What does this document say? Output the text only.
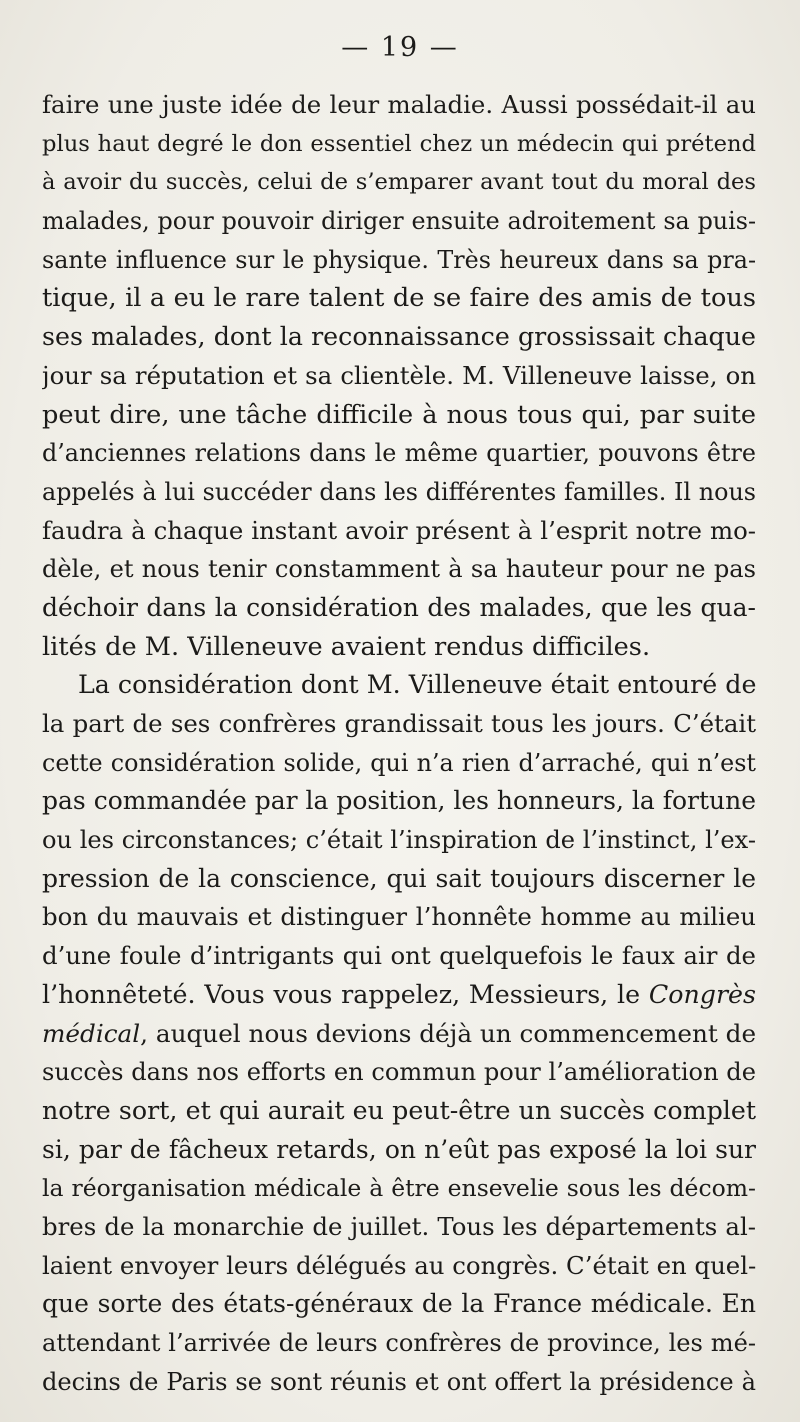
— 19 —
faire une juste idée de leur maladie. Aussi possédait-il au
plus haut degré le don essentiel chez un médecin qui prétend
à avoir du succès, celui de s’emparer avant tout du moral des
malades, pour pouvoir diriger ensuite adroitement sa puis-
sante influence sur le physique. Très heureux dans sa pra-
tique, il a eu le rare talent de se faire des amis de tous
ses malades, dont la reconnaissance grossissait chaque
jour sa réputation et sa clientèle. M. Villeneuve laisse, on
peut dire, une tâche difficile à nous tous qui, par suite
d’anciennes relations dans le même quartier, pouvons être
appelés à lui succéder dans les différentes familles. Il nous
faudra à chaque instant avoir présent à l’esprit notre mo-
dèle, et nous tenir constamment à sa hauteur pour ne pas
déchoir dans la considération des malades, que les qua-
lités de M. Villeneuve avaient rendus difficiles.
La considération dont M. Villeneuve était entouré de
la part de ses confrères grandissait tous les jours. C’était
cette considération solide, qui n’a rien d’arraché, qui n’est
pas commandée par la position, les honneurs, la fortune
ou les circonstances; c’était l’inspiration de l’instinct, l’ex-
pression de la conscience, qui sait toujours discerner le
bon du mauvais et distinguer l’honnête homme au milieu
d’une foule d’intrigants qui ont quelquefois le faux air de
l’honnêteté. Vous vous rappelez, Messieurs, le Congrès
médical, auquel nous devions déjà un commencement de
succès dans nos efforts en commun pour l’amélioration de
notre sort, et qui aurait eu peut-être un succès complet
si, par de fâcheux retards, on n’eût pas exposé la loi sur
la réorganisation médicale à être ensevelie sous les décom-
bres de la monarchie de juillet. Tous les départements al-
laient envoyer leurs délégués au congrès. C’était en quel-
que sorte des états-généraux de la France médicale. En
attendant l’arrivée de leurs confrères de province, les mé-
decins de Paris se sont réunis et ont offert la présidence à
